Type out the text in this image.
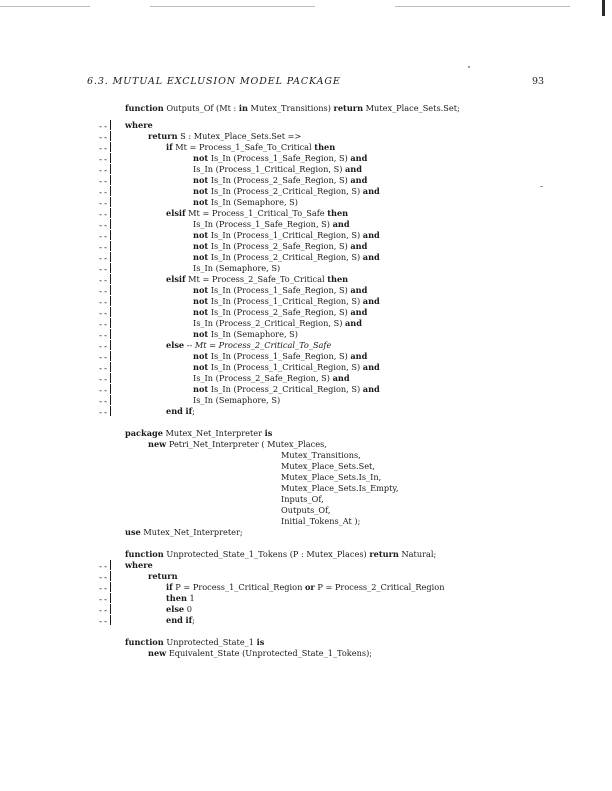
6.3. MUTUAL EXCLUSION MODEL PACKAGE	93
function Outputs_Of (Mt : in Mutex_Transitions) return Mutex_Place_Sets.Set;
--	where
--	return S : Mutex_Place_Sets.Set =>
--	if Mt = Process_1_Safe_To_Critical then
--	not Is_In (Process_1_Safe_Region, S) and
--	Is_In (Process_1_Critical_Region, S) and
--	not Is_In (Process_2_Safe_Region, S) and
--	not Is_In (Process_2_Critical_Region, S) and
--	not Is_In (Semaphore, S)
--	elsif Mt = Process_1_Critical_To_Safe then
--	Is_In (Process_1_Safe_Region, S) and
--	not Is_In (Process_1_Critical_Region, S) and
--	not Is_In (Process_2_Safe_Region, S) and
--	not Is_In (Process_2_Critical_Region, S) and
--	Is_In (Semaphore, S)
--	elsif Mt = Process_2_Safe_To_Critical then
--	not Is_In (Process_1_Safe_Region, S) and
--	not Is_In (Process_1_Critical_Region, S) and
--	not Is_In (Process_2_Safe_Region, S) and
--	Is_In (Process_2_Critical_Region, S) and
--	not Is_In (Semaphore, S)
--	else -- Mt = Process_2_Critical_To_Safe
--	not Is_In (Process_1_Safe_Region, S) and
--	not Is_In (Process_1_Critical_Region, S) and
--	Is_In (Process_2_Safe_Region, S) and
--	not Is_In (Process_2_Critical_Region, S) and
--	Is_In (Semaphore, S)
--	end if;
package Mutex_Net_Interpreter is
new Petri_Net_Interpreter ( Mutex_Places,
Mutex_Transitions,
Mutex_Place_Sets.Set,
Mutex_Place_Sets.Is_In,
Mutex_Place_Sets.Is_Empty,
Inputs_Of,
Outputs_Of,
Initial_Tokens_At );
use Mutex_Net_Interpreter;
function Unprotected_State_1_Tokens (P : Mutex_Places) return Natural;
--	where
--	return
--	if P = Process_1_Critical_Region or P = Process_2_Critical_Region
--	then 1
--	else 0
--	end if;
function Unprotected_State_1 is
new Equivalent_State (Unprotected_State_1_Tokens);
